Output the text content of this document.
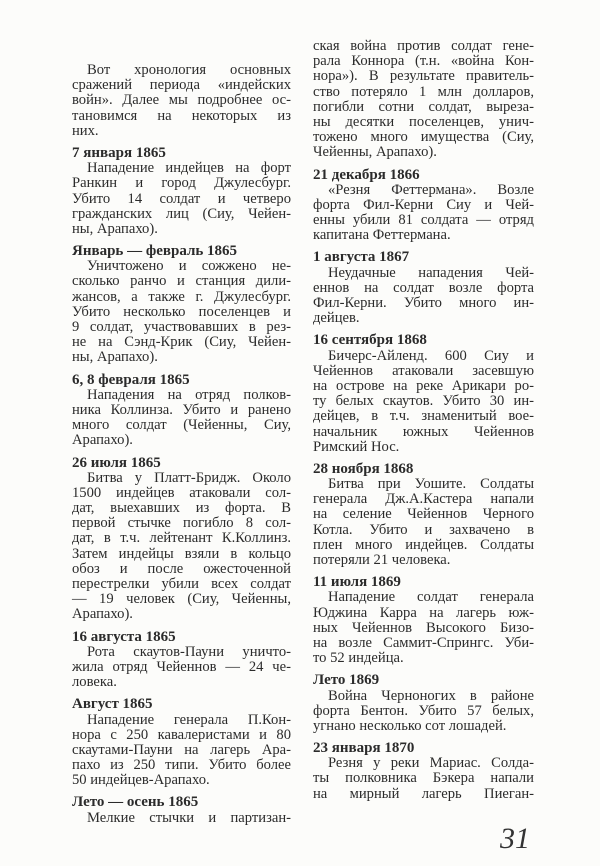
Вот хронология основных
сражений периода «индейских
войн». Далее мы подробнее ос-
тановимся на некоторых из
них.
7 января 1865
Нападение индейцев на форт
Ранкин и город Джулесбург.
Убито 14 солдат и четверо
гражданских лиц (Сиу, Чейен-
ны, Арапахо).
Январь — февраль 1865
Уничтожено и сожжено не-
сколько ранчо и станция дили-
жансов, а также г. Джулесбург.
Убито несколько поселенцев и
9 солдат, участвовавших в рез-
не на Сэнд-Крик (Сиу, Чейен-
ны, Арапахо).
6, 8 февраля 1865
Нападения на отряд полков-
ника Коллинза. Убито и ранено
много солдат (Чейенны, Сиу,
Арапахо).
26 июля 1865
Битва у Платт-Бридж. Около
1500 индейцев атаковали сол-
дат, выехавших из форта. В
первой стычке погибло 8 сол-
дат, в т.ч. лейтенант К.Коллинз.
Затем индейцы взяли в кольцо
обоз и после ожесточенной
перестрелки убили всех солдат
— 19 человек (Сиу, Чейенны,
Арапахо).
16 августа 1865
Рота скаутов-Пауни уничто-
жила отряд Чейеннов — 24 че-
ловека.
Август 1865
Нападение генерала П.Кон-
нора с 250 кавалеристами и 80
скаутами-Пауни на лагерь Ара-
пахо из 250 типи. Убито более
50 индейцев-Арапахо.
Лето — осень 1865
Мелкие стычки и партизан-
ская война против солдат гене-
рала Коннора (т.н. «война Кон-
нора»). В результате правитель-
ство потеряло 1 млн долларов,
погибли сотни солдат, выреза-
ны десятки поселенцев, унич-
тожено много имущества (Сиу,
Чейенны, Арапахо).
21 декабря 1866
«Резня Феттермана». Возле
форта Фил-Керни Сиу и Чей-
енны убили 81 солдата — отряд
капитана Феттермана.
1 августа 1867
Неудачные нападения Чей-
еннов на солдат возле форта
Фил-Керни. Убито много ин-
дейцев.
16 сентября 1868
Бичерс-Айленд. 600 Сиу и
Чейеннов атаковали засевшую
на острове на реке Арикари ро-
ту белых скаутов. Убито 30 ин-
дейцев, в т.ч. знаменитый вое-
начальник южных Чейеннов
Римский Нос.
28 ноября 1868
Битва при Уошите. Солдаты
генерала Дж.А.Кастера напали
на селение Чейеннов Черного
Котла. Убито и захвачено в
плен много индейцев. Солдаты
потеряли 21 человека.
11 июля 1869
Нападение солдат генерала
Юджина Карра на лагерь юж-
ных Чейеннов Высокого Бизо-
на возле Саммит-Спрингс. Уби-
то 52 индейца.
Лето 1869
Война Черноногих в районе
форта Бентон. Убито 57 белых,
угнано несколько сот лошадей.
23 января 1870
Резня у реки Мариас. Солда-
ты полковника Бэкера напали
на мирный лагерь Пиеган-
31
